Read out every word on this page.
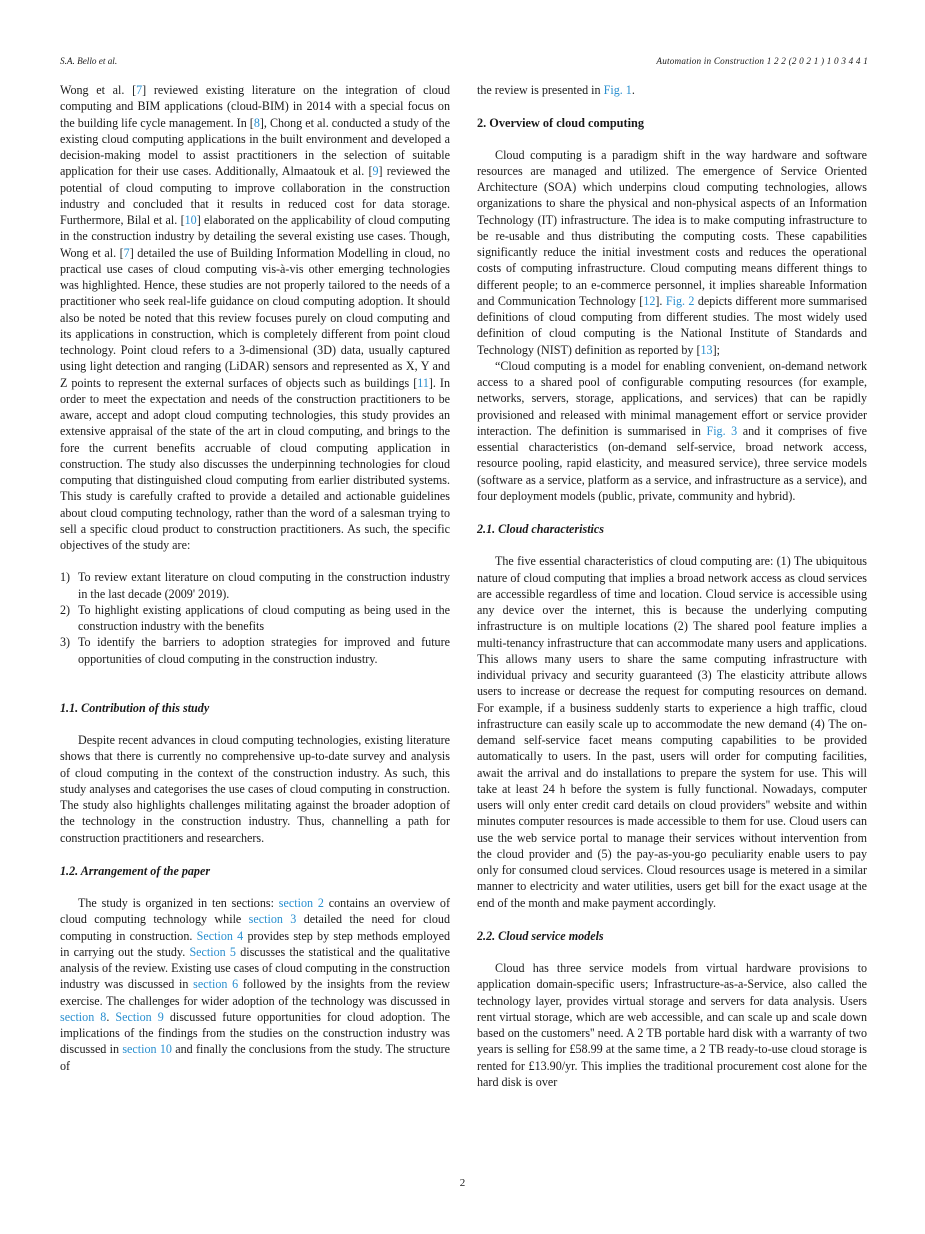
S.A. Bello et al.	Automation in Construction 1 2 2 (2 0 2 1 ) 1 0 3 4 4 1

Wong et al. [7] reviewed existing literature on the integration of cloud computing and BIM applications (cloud-BIM) in 2014 with a special focus on the building life cycle management. In [8], Chong et al. conducted a study of the existing cloud computing applications in the built environment and developed a decision-making model to assist practitioners in the selection of suitable application for their use cases. Additionally, Almaatouk et al. [9] reviewed the potential of cloud computing to improve collaboration in the construction industry and concluded that it results in reduced cost for data storage. Furthermore, Bilal et al. [10] elaborated on the applicability of cloud computing in the construction industry by detailing the several existing use cases. Though, Wong et al. [7] detailed the use of Building Information Modelling in cloud, no practical use cases of cloud computing vis-à-vis other emerging technologies was highlighted. Hence, these studies are not properly tailored to the needs of a practitioner who seek real-life guidance on cloud computing adoption. It should also be noted be noted that this review focuses purely on cloud computing and its applications in construction, which is completely different from point cloud technology. Point cloud refers to a 3-dimensional (3D) data, usually captured using light detection and ranging (LiDAR) sensors and represented as X, Y and Z points to represent the external surfaces of objects such as buildings [11]. In order to meet the expectation and needs of the construction practitioners to be aware, accept and adopt cloud computing technologies, this study provides an extensive appraisal of the state of the art in cloud computing, and brings to the fore the current benefits accruable of cloud computing application in construction. The study also discusses the underpinning technologies for cloud computing that distinguished cloud computing from earlier distributed systems. This study is carefully crafted to provide a detailed and actionable guidelines about cloud computing technology, rather than the word of a salesman trying to sell a specific cloud product to construction practitioners. As such, the specific objectives of the study are:

1) To review extant literature on cloud computing in the construction industry in the last decade (2009' 2019).
2) To highlight existing applications of cloud computing as being used in the construction industry with the benefits
3) To identify the barriers to adoption strategies for improved and future opportunities of cloud computing in the construction industry.
1.1. Contribution of this study

Despite recent advances in cloud computing technologies, existing literature shows that there is currently no comprehensive up-to-date survey and analysis of cloud computing in the context of the construction industry. As such, this study analyses and categorises the use cases of cloud computing in construction. The study also highlights challenges militating against the broader adoption of the technology in the construction industry. Thus, channelling a path for construction practitioners and researchers.

1.2. Arrangement of the paper

The study is organized in ten sections: section 2 contains an overview of cloud computing technology while section 3 detailed the need for cloud computing in construction. Section 4 provides step by step methods employed in carrying out the study. Section 5 discusses the statistical and the qualitative analysis of the review. Existing use cases of cloud computing in the construction industry was discussed in section 6 followed by the insights from the review exercise. The challenges for wider adoption of the technology was discussed in section 8. Section 9 discussed future opportunities for cloud adoption. The implications of the findings from the studies on the construction industry was discussed in section 10 and finally the conclusions from the study. The structure of

the review is presented in Fig. 1.

2. Overview of cloud computing

Cloud computing is a paradigm shift in the way hardware and software resources are managed and utilized. The emergence of Service Oriented Architecture (SOA) which underpins cloud computing technologies, allows organizations to share the physical and non-physical aspects of an Information Technology (IT) infrastructure. The idea is to make computing infrastructure to be re-usable and thus distributing the computing costs. These capabilities significantly reduce the initial investment costs and reduces the operational costs of computing infrastructure. Cloud computing means different things to different people; to an e-commerce personnel, it implies shareable Information and Communication Technology [12]. Fig. 2 depicts different more summarised definitions of cloud computing from different studies. The most widely used definition of cloud computing is the National Institute of Standards and Technology (NIST) definition as reported by [13];

“Cloud computing is a model for enabling convenient, on-demand network access to a shared pool of configurable computing resources (for example, networks, servers, storage, applications, and services) that can be rapidly provisioned and released with minimal management effort or service provider interaction. The definition is summarised in Fig. 3 and it comprises of five essential characteristics (on-demand self-service, broad network access, resource pooling, rapid elasticity, and measured service), three service models (software as a service, platform as a service, and infrastructure as a service), and four deployment models (public, private, community and hybrid).

2.1. Cloud characteristics

The five essential characteristics of cloud computing are: (1) The ubiquitous nature of cloud computing that implies a broad network access as cloud services are accessible regardless of time and location. Cloud service is accessible using any device over the internet, this is because the underlying computing infrastructure is on multiple locations (2) The shared pool feature implies a multi-tenancy infrastructure that can accommodate many users and applications. This allows many users to share the same computing infrastructure with individual privacy and security guaranteed (3) The elasticity attribute allows users to increase or decrease the request for computing resources on demand. For example, if a business suddenly starts to experience a high traffic, cloud infrastructure can easily scale up to accommodate the new demand (4) The on-demand self-service facet means computing capabilities to be provided automatically to users. In the past, users will order for computing facilities, await the arrival and do installations to prepare the system for use. This will take at least 24 h before the system is fully functional. Nowadays, computer users will only enter credit card details on cloud providers'' website and within minutes computer resources is made accessible to them for use. Cloud users can use the web service portal to manage their services without intervention from the cloud provider and (5) the pay-as-you-go peculiarity enable users to pay only for consumed cloud services. Cloud resources usage is metered in a similar manner to electricity and water utilities, users get bill for the exact usage at the end of the month and make payment accordingly.

2.2. Cloud service models

Cloud has three service models from virtual hardware provisions to application domain-specific users; Infrastructure-as-a-Service, also called the technology layer, provides virtual storage and servers for data analysis. Users rent virtual storage, which are web accessible, and can scale up and scale down based on the customers'' need. A 2 TB portable hard disk with a warranty of two years is selling for £58.99 at the same time, a 2 TB ready-to-use cloud storage is rented for £13.90/yr. This implies the traditional procurement cost alone for the hard disk is over

2
